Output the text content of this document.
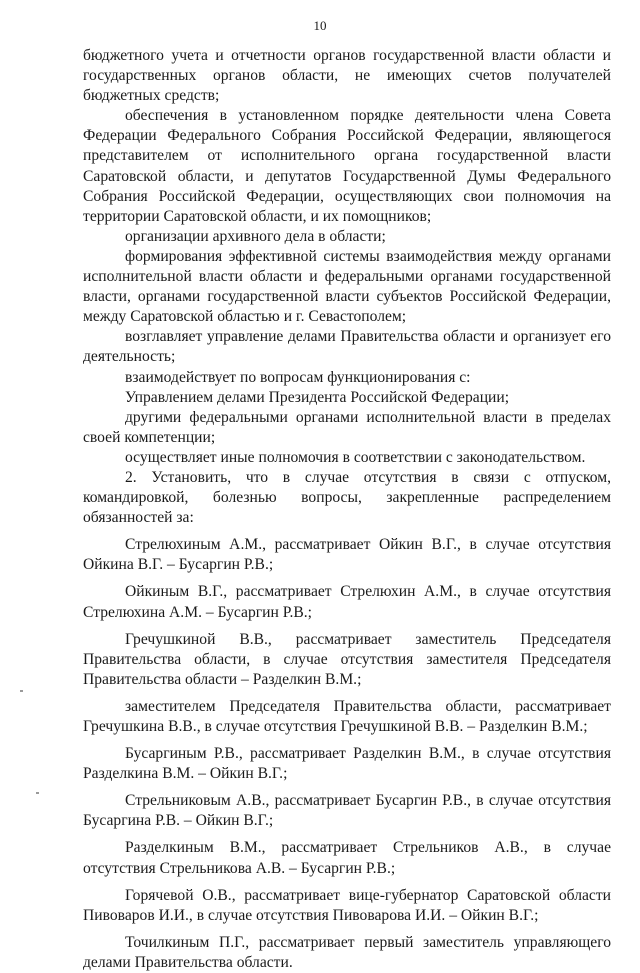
10

бюджетного учета и отчетности органов государственной власти области и государственных органов области, не имеющих счетов получателей бюджетных средств;

обеспечения в установленном порядке деятельности члена Совета Федерации Федерального Собрания Российской Федерации, являющегося представителем от исполнительного органа государственной власти Саратовской области, и депутатов Государственной Думы Федерального Собрания Российской Федерации, осуществляющих свои полномочия на территории Саратовской области, и их помощников;

организации архивного дела в области;

формирования эффективной системы взаимодействия между органами исполнительной власти области и федеральными органами государственной власти, органами государственной власти субъектов Российской Федерации, между Саратовской областью и г. Севастополем;

возглавляет управление делами Правительства области и организует его деятельность;

взаимодействует по вопросам функционирования с:

Управлением делами Президента Российской Федерации;

другими федеральными органами исполнительной власти в пределах своей компетенции;

осуществляет иные полномочия в соответствии с законодательством.

2. Установить, что в случае отсутствия в связи с отпуском, командировкой, болезнью вопросы, закрепленные распределением обязанностей за:

Стрелюхиным А.М., рассматривает Ойкин В.Г., в случае отсутствия Ойкина В.Г. – Бусаргин Р.В.;

Ойкиным В.Г., рассматривает Стрелюхин А.М., в случае отсутствия Стрелюхина А.М. – Бусаргин Р.В.;

Гречушкиной В.В., рассматривает заместитель Председателя Правительства области, в случае отсутствия заместителя Председателя Правительства области – Разделкин В.М.;

заместителем Председателя Правительства области, рассматривает Гречушкина В.В., в случае отсутствия Гречушкиной В.В. – Разделкин В.М.;

Бусаргиным Р.В., рассматривает Разделкин В.М., в случае отсутствия Разделкина В.М. – Ойкин В.Г.;

Стрельниковым А.В., рассматривает Бусаргин Р.В., в случае отсутствия Бусаргина Р.В. – Ойкин В.Г.;

Разделкиным В.М., рассматривает Стрельников А.В., в случае отсутствия Стрельникова А.В. – Бусаргин Р.В.;

Горячевой О.В., рассматривает вице-губернатор Саратовской области Пивоваров И.И., в случае отсутствия Пивоварова И.И. – Ойкин В.Г.;

Точилкиным П.Г., рассматривает первый заместитель управляющего делами Правительства области.
